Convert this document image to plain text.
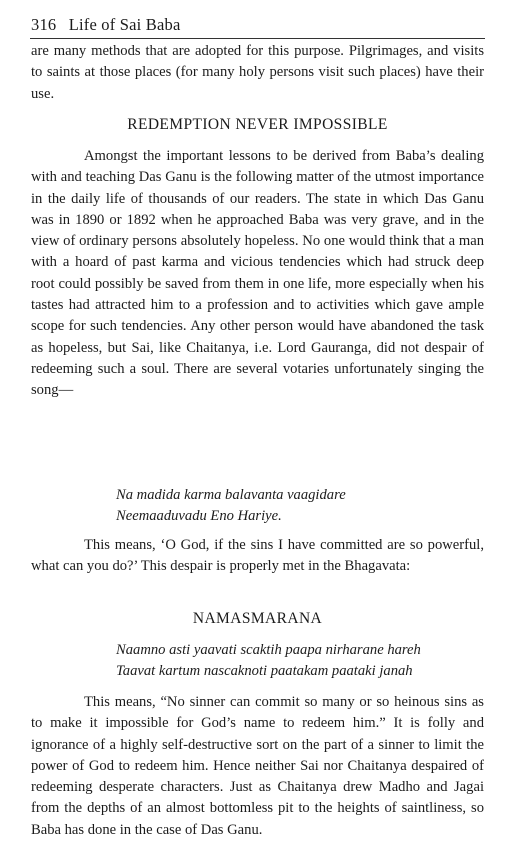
316 Life of Sai Baba

are many methods that are adopted for this purpose. Pilgrimages, and visits to saints at those places (for many holy persons visit such places) have their use.

REDEMPTION NEVER IMPOSSIBLE

Amongst the important lessons to be derived from Baba’s dealing with and teaching Das Ganu is the following matter of the utmost importance in the daily life of thousands of our readers. The state in which Das Ganu was in 1890 or 1892 when he approached Baba was very grave, and in the view of ordinary persons absolutely hopeless. No one would think that a man with a hoard of past karma and vicious tendencies which had struck deep root could possibly be saved from them in one life, more especially when his tastes had attracted him to a profession and to activities which gave ample scope for such tendencies. Any other person would have abandoned the task as hopeless, but Sai, like Chaitanya, i.e. Lord Gauranga, did not despair of redeeming such a soul. There are several votaries unfortunately singing the song—

Na madida karma balavanta vaagidare
Neemaaduvadu Eno Hariye.

This means, ‘O God, if the sins I have committed are so powerful, what can you do?’ This despair is properly met in the Bhagavata:

NAMASMARANA
Naamno asti yaavati scaktih paapa nirharane hareh
Taavat kartum nascaknoti paatakam paataki janah

This means, “No sinner can commit so many or so heinous sins as to make it impossible for God’s name to redeem him.” It is folly and ignorance of a highly self-destructive sort on the part of a sinner to limit the power of God to redeem him. Hence neither Sai nor Chaitanya despaired of redeeming desperate characters. Just as Chaitanya drew Madho and Jagai from the depths of an almost bottomless pit to the heights of saintliness, so Baba has done in the case of Das Ganu.
